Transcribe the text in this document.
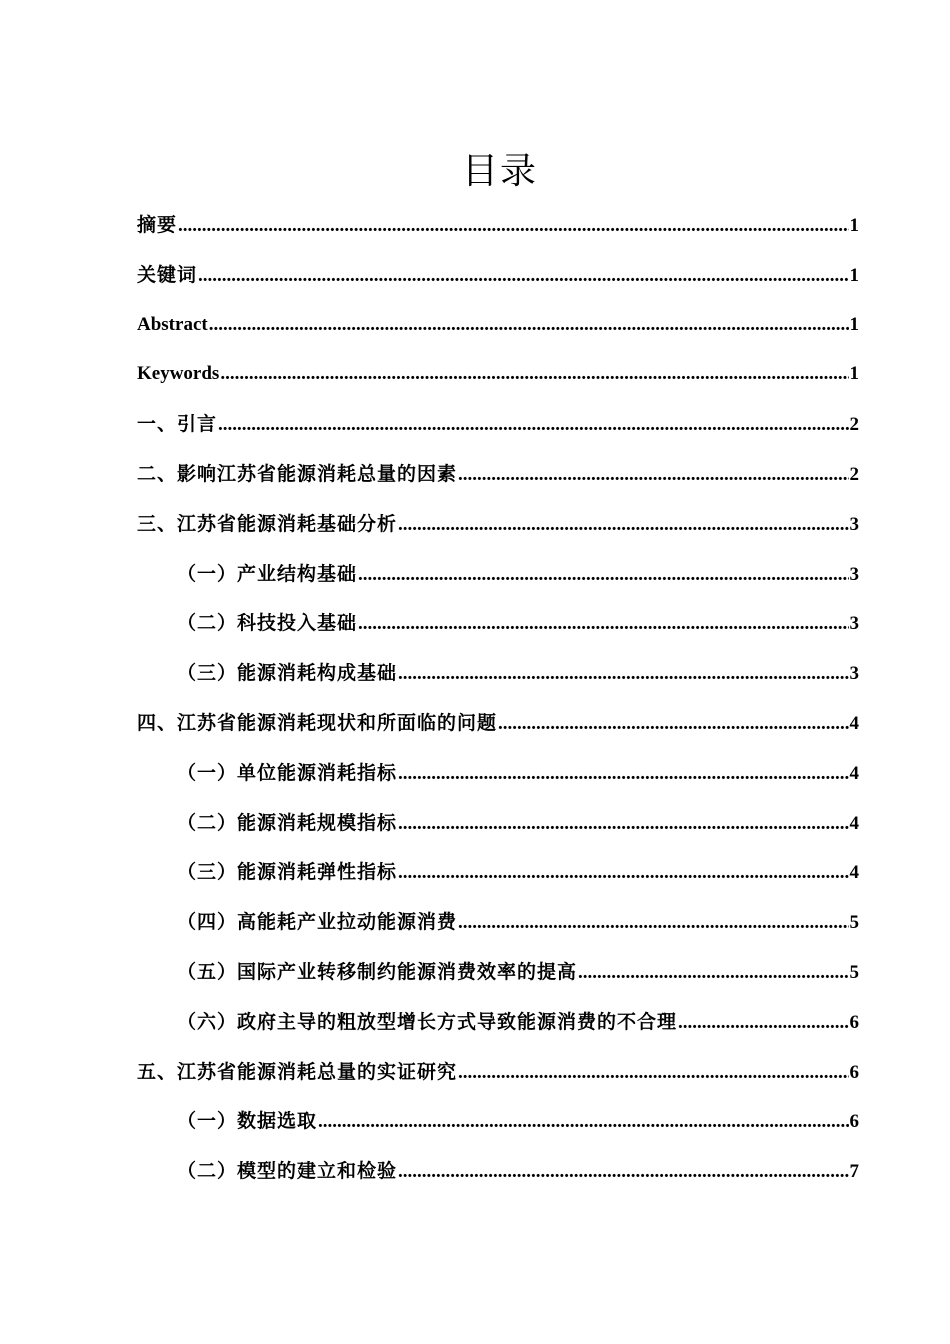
目录
摘要 .....	1
关键词 .....	1
Abstract .....	1
Keywords .....	1
一、引言 .....	2
二、影响江苏省能源消耗总量的因素 .....	2
三、江苏省能源消耗基础分析 .....	3
（一）产业结构基础 .....	3
（二）科技投入基础 .....	3
（三）能源消耗构成基础 .....	3
四、江苏省能源消耗现状和所面临的问题 .....	4
（一）单位能源消耗指标 .....	4
（二）能源消耗规模指标 .....	4
（三）能源消耗弹性指标 .....	4
（四）高能耗产业拉动能源消费 .....	5
（五）国际产业转移制约能源消费效率的提高 .....	5
（六）政府主导的粗放型增长方式导致能源消费的不合理 .....	6
五、江苏省能源消耗总量的实证研究 .....	6
（一）数据选取 .....	6
（二）模型的建立和检验 .....	7
